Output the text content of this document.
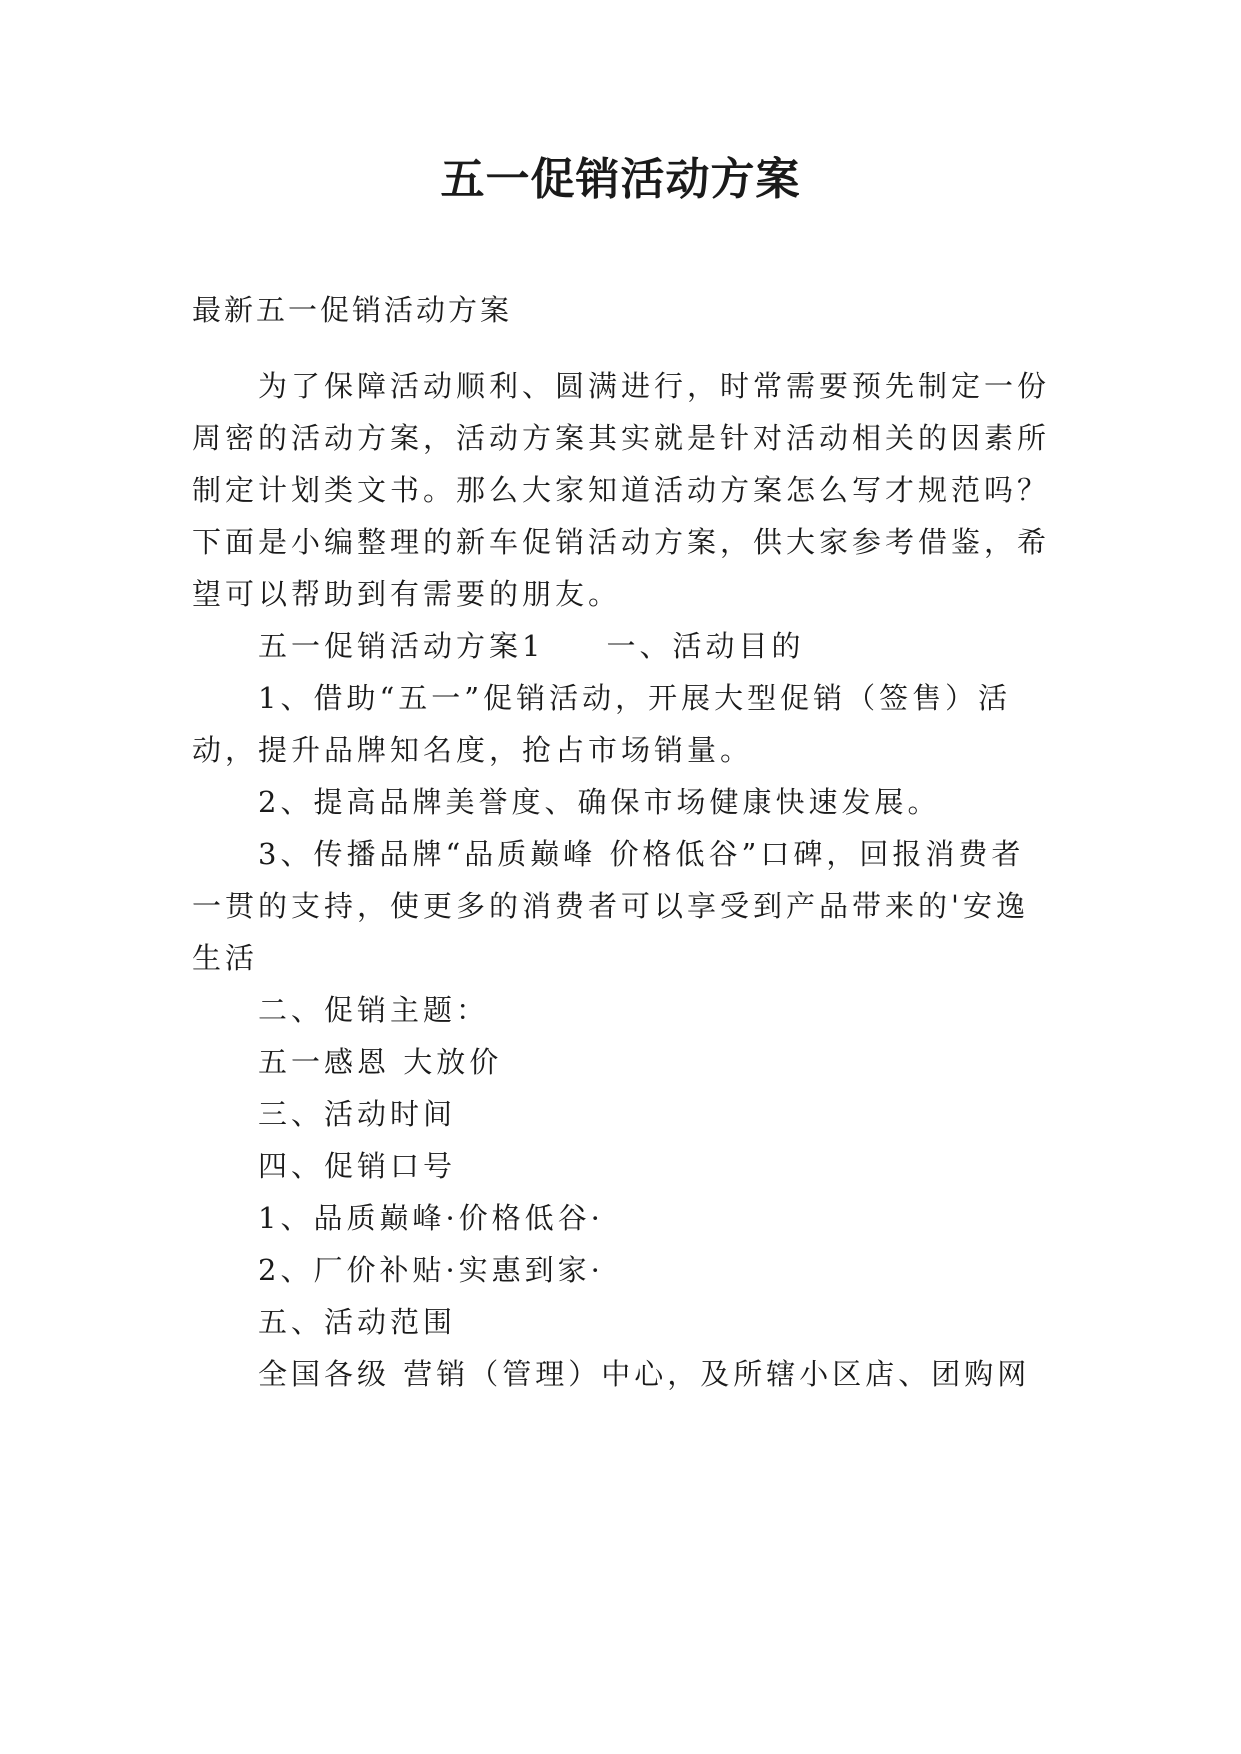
五一促销活动方案
最新五一促销活动方案
为了保障活动顺利、圆满进行，时常需要预先制定一份
周密的活动方案，活动方案其实就是针对活动相关的因素所
制定计划类文书。那么大家知道活动方案怎么写才规范吗？
下面是小编整理的新车促销活动方案，供大家参考借鉴，希
望可以帮助到有需要的朋友。
五一促销活动方案1 一、活动目的
1、借助“五一”促销活动，开展大型促销（签售）活
动，提升品牌知名度，抢占市场销量。
2、提高品牌美誉度、确保市场健康快速发展。
3、传播品牌“品质巅峰 价格低谷”口碑，回报消费者
一贯的支持，使更多的消费者可以享受到产品带来的'安逸
生活
二、促销主题：
五一感恩 大放价
三、活动时间
四、促销口号
1、品质巅峰·价格低谷·
2、厂价补贴·实惠到家·
五、活动范围
全国各级 营销（管理）中心，及所辖小区店、团购网
